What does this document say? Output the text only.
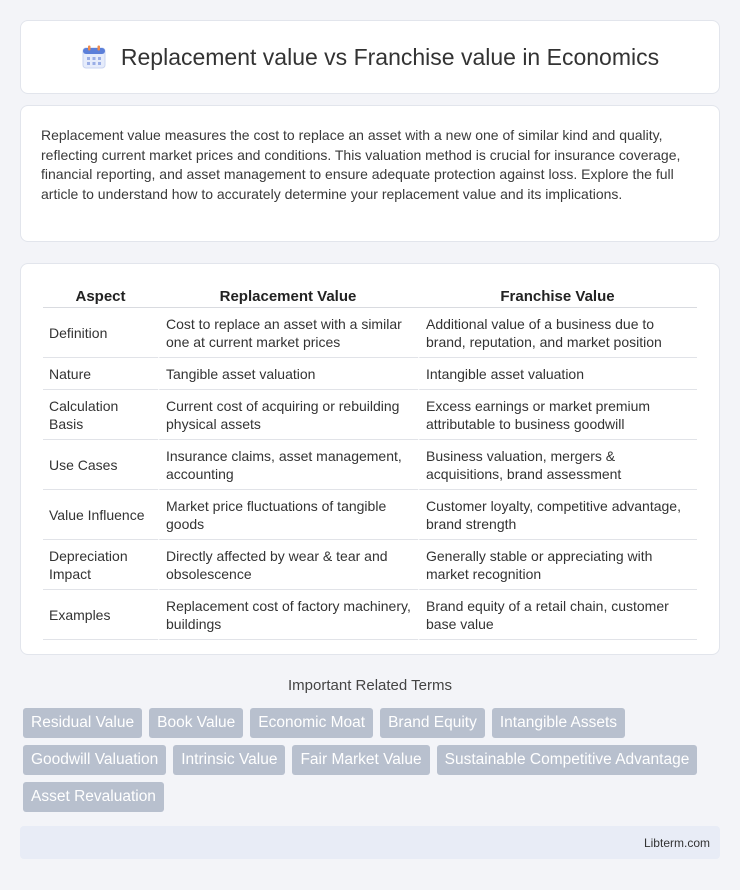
Replacement value vs Franchise value in Economics

Replacement value measures the cost to replace an asset with a new one of similar kind and quality, reflecting current market prices and conditions. This valuation method is crucial for insurance coverage, financial reporting, and asset management to ensure adequate protection against loss. Explore the full article to understand how to accurately determine your replacement value and its implications.

Aspect	Replacement Value	Franchise Value
Definition	Cost to replace an asset with a similar one at current market prices	Additional value of a business due to brand, reputation, and market position
Nature	Tangible asset valuation	Intangible asset valuation
Calculation Basis	Current cost of acquiring or rebuilding physical assets	Excess earnings or market premium attributable to business goodwill
Use Cases	Insurance claims, asset management, accounting	Business valuation, mergers & acquisitions, brand assessment
Value Influence	Market price fluctuations of tangible goods	Customer loyalty, competitive advantage, brand strength
Depreciation Impact	Directly affected by wear & tear and obsolescence	Generally stable or appreciating with market recognition
Examples	Replacement cost of factory machinery, buildings	Brand equity of a retail chain, customer base value
Important Related Terms
Residual Value	Book Value	Economic Moat	Brand Equity	Intangible Assets
Goodwill Valuation	Intrinsic Value	Fair Market Value	Sustainable Competitive Advantage
Asset Revaluation
Libterm.com
